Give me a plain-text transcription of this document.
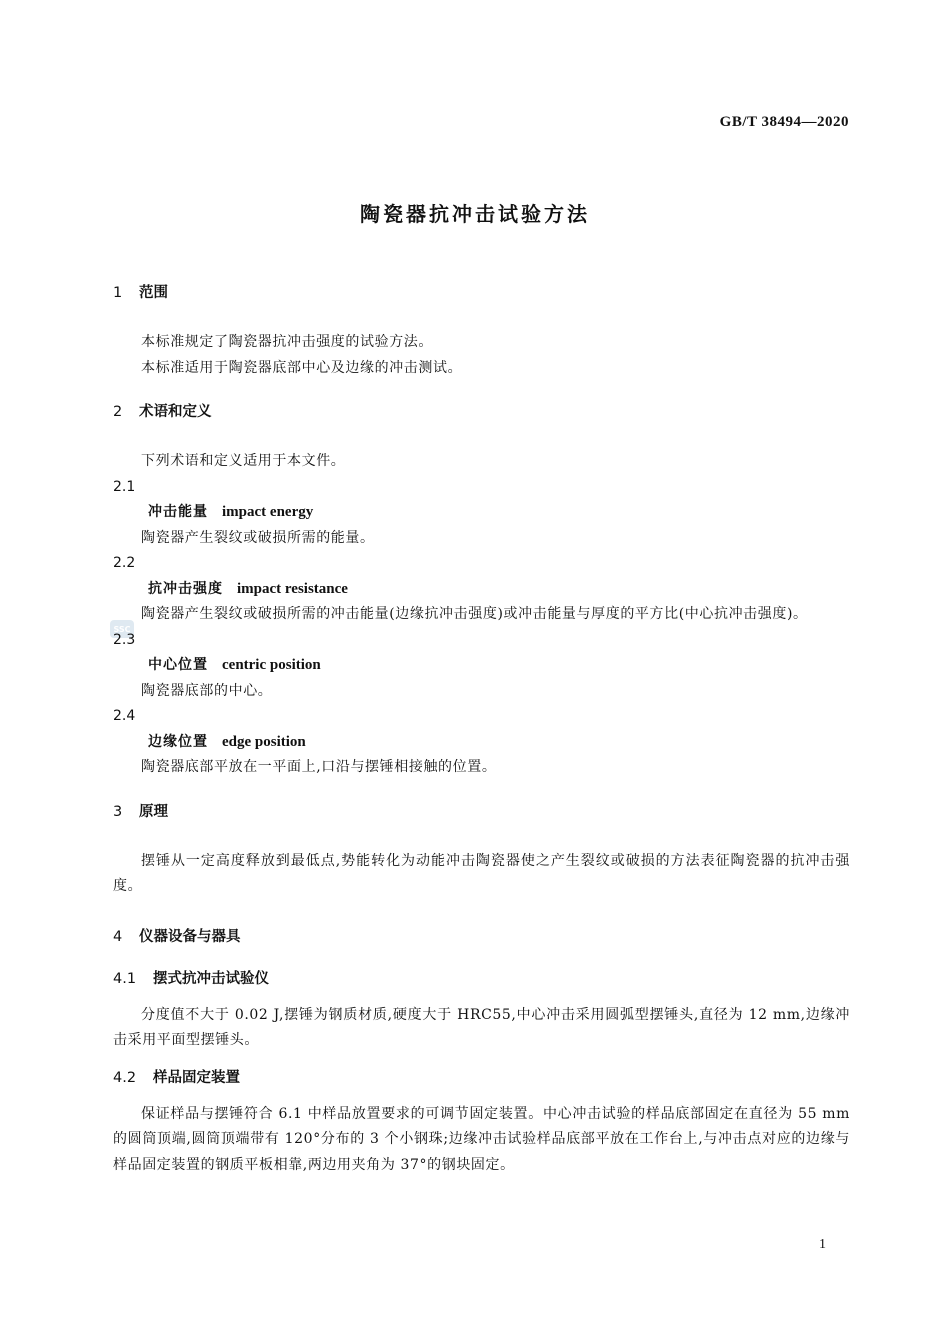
GB/T 38494—2020
陶瓷器抗冲击试验方法
SSC
1	范围

本标准规定了陶瓷器抗冲击强度的试验方法。

本标准适用于陶瓷器底部中心及边缘的冲击测试。

2	术语和定义

下列术语和定义适用于本文件。

2.1

冲击能量 impact energy

陶瓷器产生裂纹或破损所需的能量。

2.2

抗冲击强度 impact resistance

陶瓷器产生裂纹或破损所需的冲击能量(边缘抗冲击强度)或冲击能量与厚度的平方比(中心抗冲击强度)。

2.3

中心位置 centric position

陶瓷器底部的中心。

2.4

边缘位置 edge position

陶瓷器底部平放在一平面上,口沿与摆锤相接触的位置。

3	原理

摆锤从一定高度释放到最低点,势能转化为动能冲击陶瓷器使之产生裂纹或破损的方法表征陶瓷器的抗冲击强度。

4	仪器设备与器具
4.1	摆式抗冲击试验仪

分度值不大于 0.02 J,摆锤为钢质材质,硬度大于 HRC55,中心冲击采用圆弧型摆锤头,直径为 12 mm,边缘冲击采用平面型摆锤头。

4.2	样品固定装置

保证样品与摆锤符合 6.1 中样品放置要求的可调节固定装置。中心冲击试验的样品底部固定在直径为 55 mm 的圆筒顶端,圆筒顶端带有 120°分布的 3 个小钢珠;边缘冲击试验样品底部平放在工作台上,与冲击点对应的边缘与样品固定装置的钢质平板相靠,两边用夹角为 37°的钢块固定。

1
